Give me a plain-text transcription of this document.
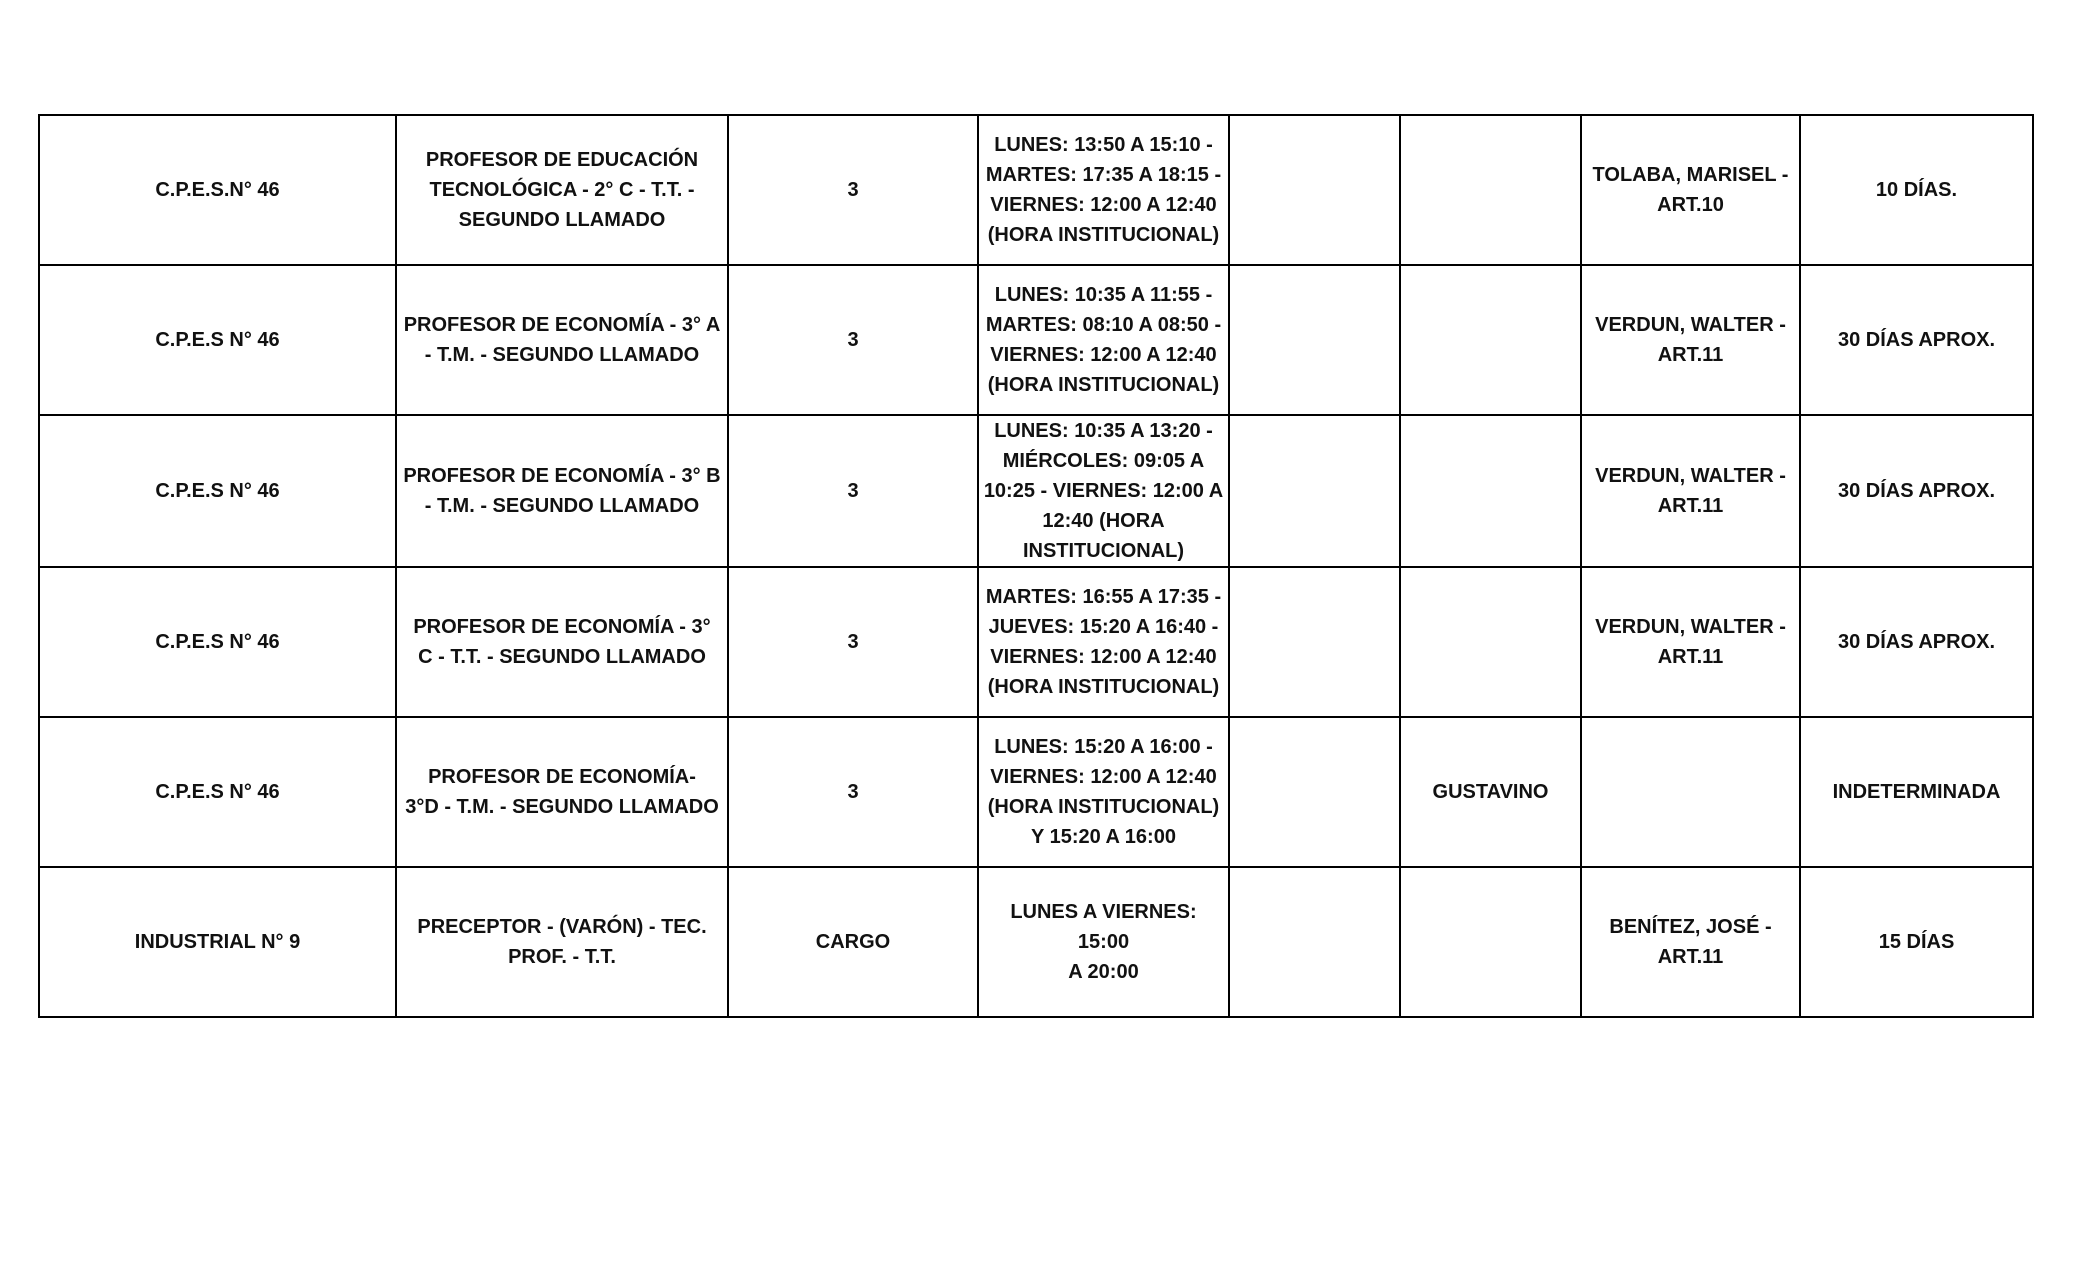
C.P.E.S.N° 46	PROFESOR DE EDUCACIÓN
TECNOLÓGICA - 2° C - T.T. -
SEGUNDO LLAMADO	3	LUNES: 13:50 A 15:10 -
MARTES: 17:35 A 18:15 -
VIERNES: 12:00 A 12:40
(HORA INSTITUCIONAL)			TOLABA, MARISEL -
ART.10	10 DÍAS.
C.P.E.S N° 46	PROFESOR DE ECONOMÍA - 3° A
- T.M. - SEGUNDO LLAMADO	3	LUNES: 10:35 A 11:55 -
MARTES: 08:10 A 08:50 -
VIERNES: 12:00 A 12:40
(HORA INSTITUCIONAL)			VERDUN, WALTER -
ART.11	30 DÍAS APROX.
C.P.E.S N° 46	PROFESOR DE ECONOMÍA - 3° B
- T.M. - SEGUNDO LLAMADO	3	LUNES: 10:35 A 13:20 -
MIÉRCOLES: 09:05 A
10:25 - VIERNES: 12:00 A
12:40 (HORA
INSTITUCIONAL)			VERDUN, WALTER -
ART.11	30 DÍAS APROX.
C.P.E.S N° 46	PROFESOR DE ECONOMÍA - 3°
C - T.T. - SEGUNDO LLAMADO	3	MARTES: 16:55 A 17:35 -
JUEVES: 15:20 A 16:40 -
VIERNES: 12:00 A 12:40
(HORA INSTITUCIONAL)			VERDUN, WALTER -
ART.11	30 DÍAS APROX.
C.P.E.S N° 46	PROFESOR DE ECONOMÍA-
3°D - T.M. - SEGUNDO LLAMADO	3	LUNES: 15:20 A 16:00 -
VIERNES: 12:00 A 12:40
(HORA INSTITUCIONAL)
Y 15:20 A 16:00		GUSTAVINO		INDETERMINADA
INDUSTRIAL N° 9	PRECEPTOR - (VARÓN) - TEC.
PROF. - T.T.	CARGO	LUNES A VIERNES: 15:00
A 20:00			BENÍTEZ, JOSÉ -
ART.11	15 DÍAS
